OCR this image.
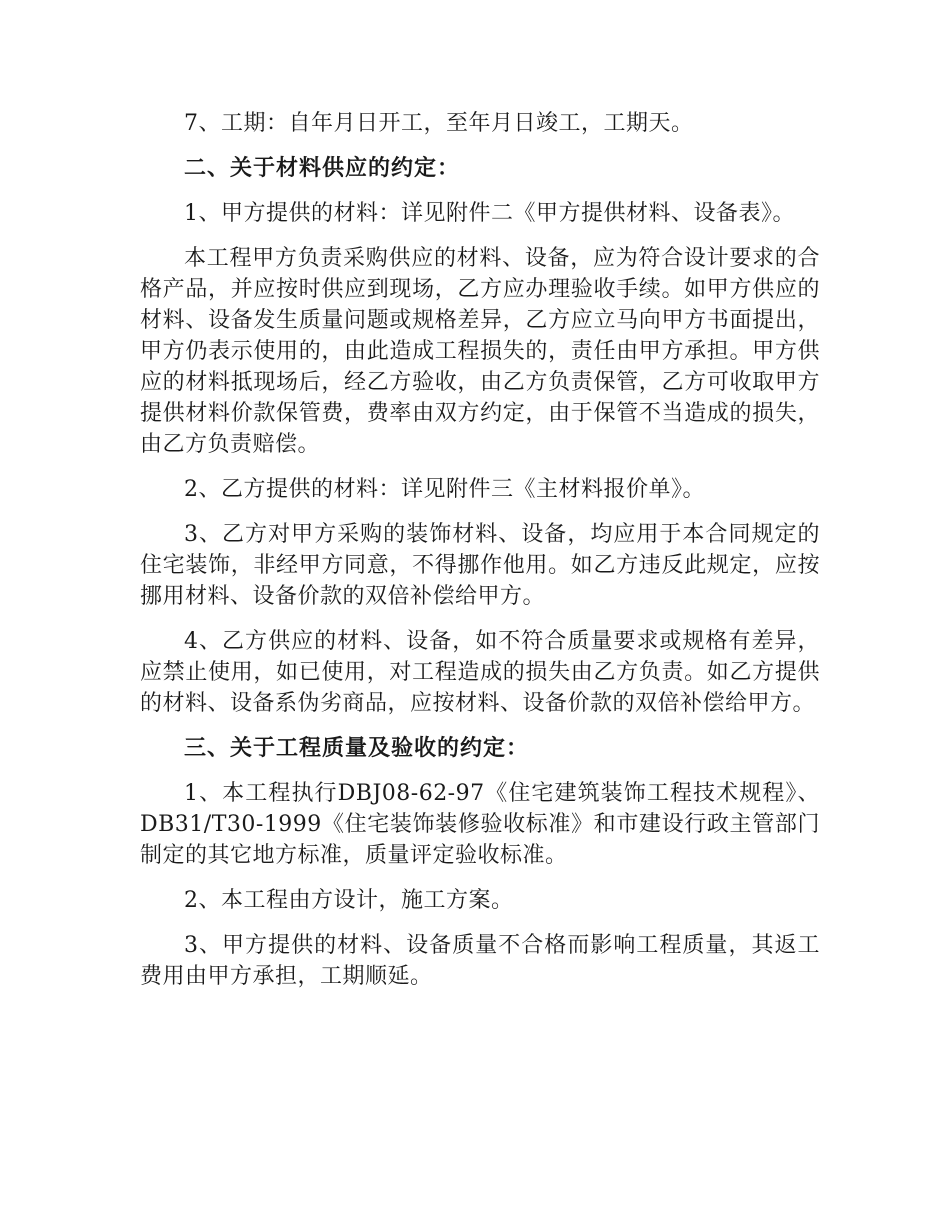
7、工期：自年月日开工，至年月日竣工，工期天。

二、关于材料供应的约定：

1、甲方提供的材料：详见附件二《甲方提供材料、设备表》。

本工程甲方负责采购供应的材料、设备，应为符合设计要求的合格产品，并应按时供应到现场，乙方应办理验收手续。如甲方供应的材料、设备发生质量问题或规格差异，乙方应立马向甲方书面提出，甲方仍表示使用的，由此造成工程损失的，责任由甲方承担。甲方供应的材料抵现场后，经乙方验收，由乙方负责保管，乙方可收取甲方提供材料价款保管费，费率由双方约定，由于保管不当造成的损失，由乙方负责赔偿。

2、乙方提供的材料：详见附件三《主材料报价单》。

3、乙方对甲方采购的装饰材料、设备，均应用于本合同规定的住宅装饰，非经甲方同意，不得挪作他用。如乙方违反此规定，应按挪用材料、设备价款的双倍补偿给甲方。

4、乙方供应的材料、设备，如不符合质量要求或规格有差异，应禁止使用，如已使用，对工程造成的损失由乙方负责。如乙方提供的材料、设备系伪劣商品，应按材料、设备价款的双倍补偿给甲方。

三、关于工程质量及验收的约定：

1、本工程执行DBJ08-62-97《住宅建筑装饰工程技术规程》、DB31/T30-1999《住宅装饰装修验收标准》和市建设行政主管部门制定的其它地方标准，质量评定验收标准。

2、本工程由方设计，施工方案。

3、甲方提供的材料、设备质量不合格而影响工程质量，其返工费用由甲方承担，工期顺延。
